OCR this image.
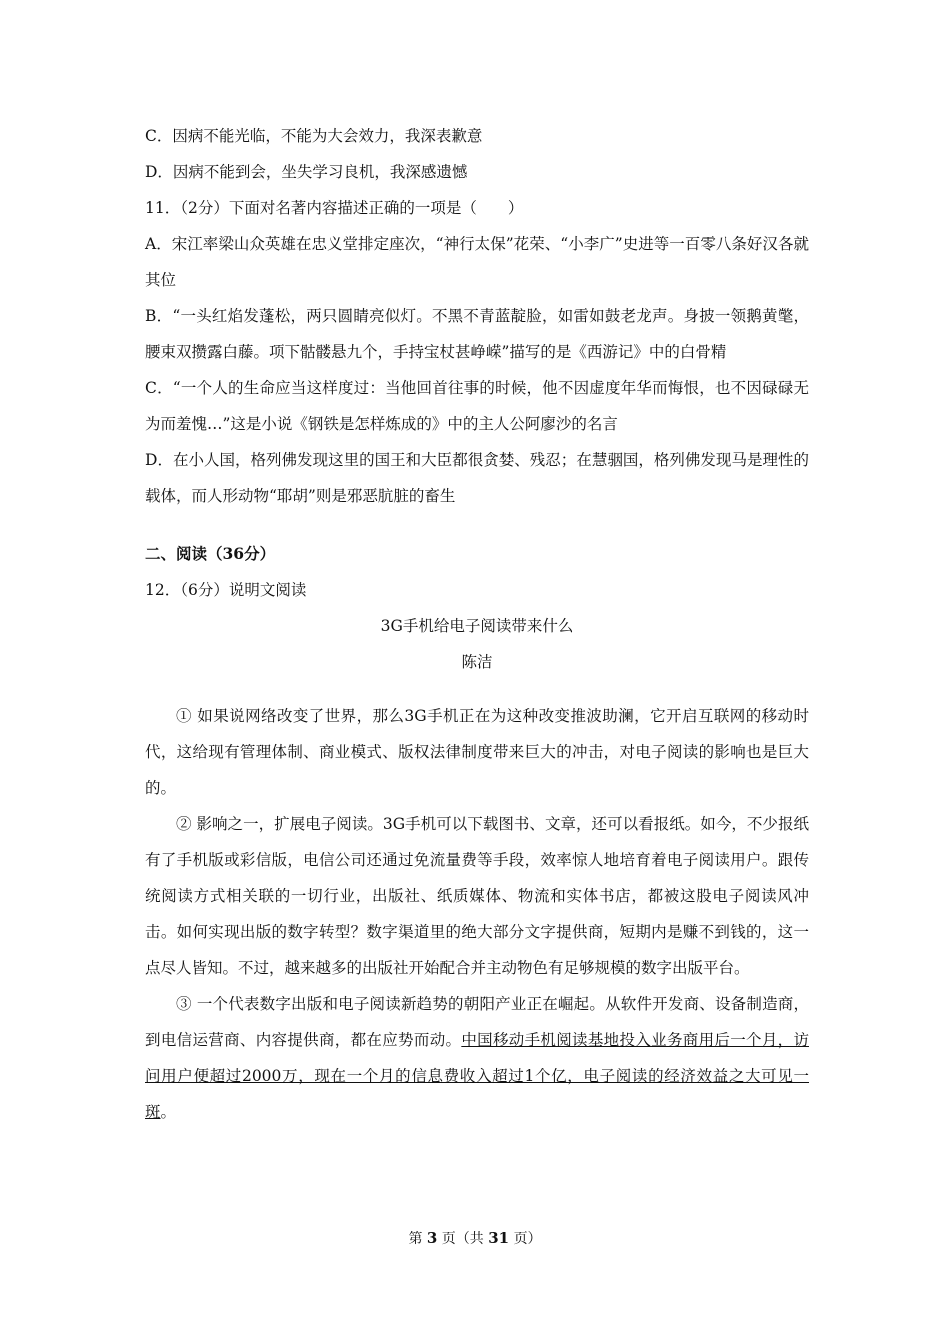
C．因病不能光临，不能为大会效力，我深表歉意
D．因病不能到会，坐失学习良机，我深感遗憾
11．（2分）下面对名著内容描述正确的一项是（　　）
A．宋江率梁山众英雄在忠义堂排定座次，“神行太保”花荣、“小李广”史进等一百零八条好汉各就其位
B．“一头红焰发蓬松，两只圆睛亮似灯。不黑不青蓝靛脸，如雷如鼓老龙声。身披一领鹅黄氅，腰束双攒露白藤。项下骷髅悬九个，手持宝杖甚峥嵘”描写的是《西游记》中的白骨精
C．“一个人的生命应当这样度过：当他回首往事的时候，他不因虚度年华而悔恨，也不因碌碌无为而羞愧…”这是小说《钢铁是怎样炼成的》中的主人公阿廖沙的名言
D．在小人国，格列佛发现这里的国王和大臣都很贪婪、残忍；在慧骃国，格列佛发现马是理性的载体，而人形动物“耶胡”则是邪恶肮脏的畜生
二、阅读（36分）
12．（6分）说明文阅读
3G手机给电子阅读带来什么
陈洁
① 如果说网络改变了世界，那么3G手机正在为这种改变推波助澜，它开启互联网的移动时代，这给现有管理体制、商业模式、版权法律制度带来巨大的冲击，对电子阅读的影响也是巨大的。
② 影响之一，扩展电子阅读。3G手机可以下载图书、文章，还可以看报纸。如今，不少报纸有了手机版或彩信版，电信公司还通过免流量费等手段，效率惊人地培育着电子阅读用户。跟传统阅读方式相关联的一切行业，出版社、纸质媒体、物流和实体书店，都被这股电子阅读风冲击。如何实现出版的数字转型？数字渠道里的绝大部分文字提供商，短期内是赚不到钱的，这一点尽人皆知。不过，越来越多的出版社开始配合并主动物色有足够规模的数字出版平台。
③ 一个代表数字出版和电子阅读新趋势的朝阳产业正在崛起。从软件开发商、设备制造商，到电信运营商、内容提供商，都在应势而动。中国移动手机阅读基地投入业务商用后一个月，访问用户便超过2000万，现在一个月的信息费收入超过1个亿，电子阅读的经济效益之大可见一斑。
第 3 页（共 31 页）
